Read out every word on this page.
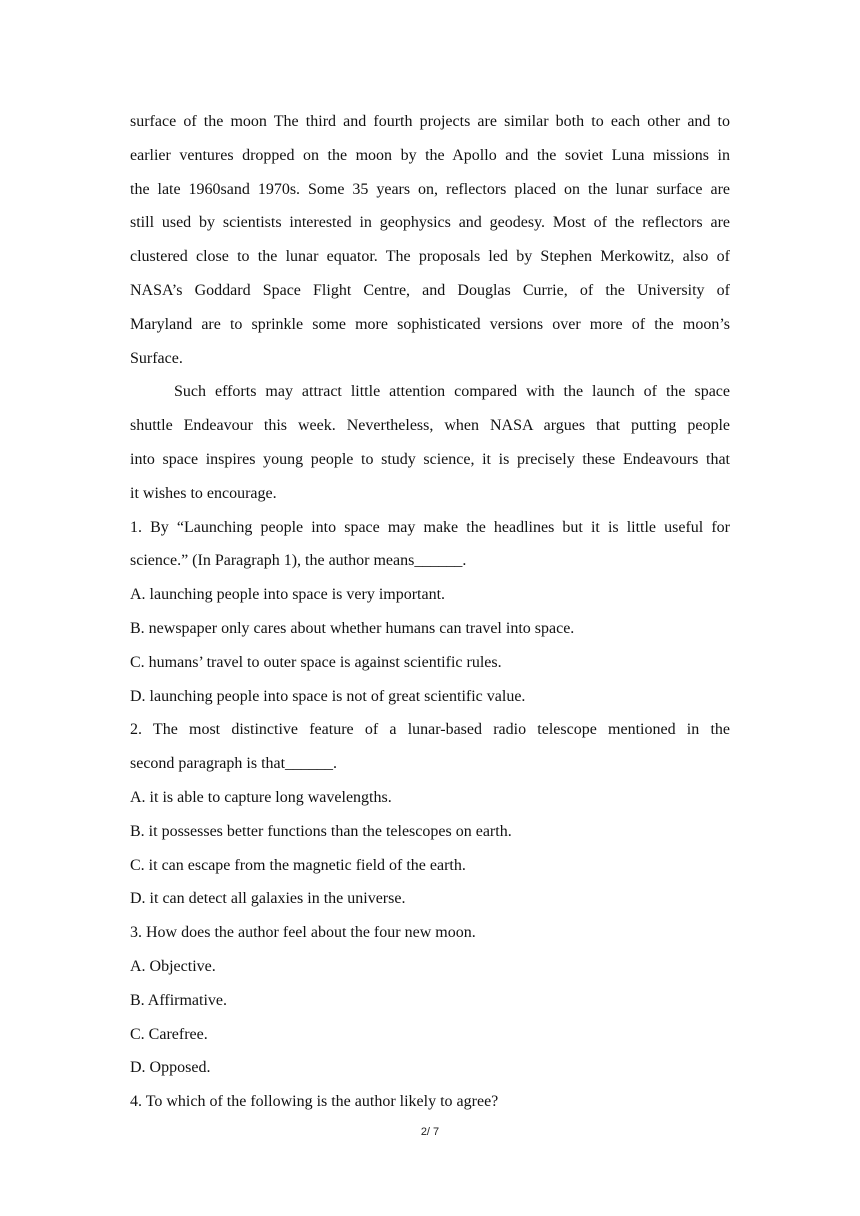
surface of the moon The third and fourth projects are similar both to each other and to
earlier ventures dropped on the moon by the Apollo and the soviet Luna missions in
the late 1960sand 1970s. Some 35 years on, reflectors placed on the lunar surface are
still used by scientists interested in geophysics and geodesy. Most of the reflectors are
clustered close to the lunar equator. The proposals led by Stephen Merkowitz, also of
NASA’s Goddard Space Flight Centre, and Douglas Currie, of the University of
Maryland are to sprinkle some more sophisticated versions over more of the moon’s
Surface.
Such efforts may attract little attention compared with the launch of the space
shuttle Endeavour this week. Nevertheless, when NASA argues that putting people
into space inspires young people to study science, it is precisely these Endeavours that
it wishes to encourage.
1. By “Launching people into space may make the headlines but it is little useful for
science.” (In Paragraph 1), the author means______.
A. launching people into space is very important.
B. newspaper only cares about whether humans can travel into space.
C. humans’ travel to outer space is against scientific rules.
D. launching people into space is not of great scientific value.
2. The most distinctive feature of a lunar-based radio telescope mentioned in the
second paragraph is that______.
A. it is able to capture long wavelengths.
B. it possesses better functions than the telescopes on earth.
C. it can escape from the magnetic field of the earth.
D. it can detect all galaxies in the universe.
3. How does the author feel about the four new moon.
A. Objective.
B. Affirmative.
C. Carefree.
D. Opposed.
4. To which of the following is the author likely to agree?
2/ 7
